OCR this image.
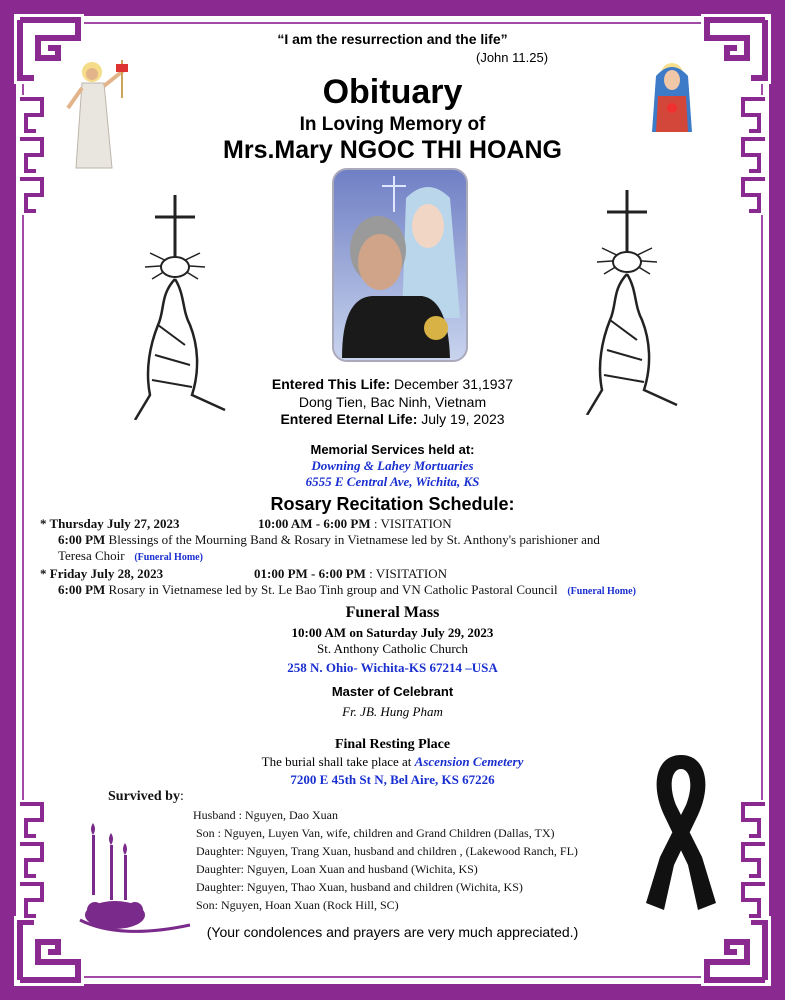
“I am the resurrection and the life”
(John 11.25)
Obituary
In Loving Memory of
Mrs.Mary NGOC THI HOANG
Entered This Life: December 31,1937
Dong Tien, Bac Ninh, Vietnam
Entered Eternal Life: July 19, 2023
Memorial Services held at:
Downing & Lahey Mortuaries
6555 E Central Ave, Wichita, KS
Rosary Recitation Schedule:
* Thursday July 27, 2023	10:00 AM - 6:00 PM : VISITATION
6:00 PM Blessings of the Mourning Band & Rosary in Vietnamese led by St. Anthony's parishioner and
Teresa Choir (Funeral Home)
* Friday July 28, 2023	01:00 PM - 6:00 PM : VISITATION
6:00 PM Rosary in Vietnamese led by St. Le Bao Tinh group and VN Catholic Pastoral Council (Funeral Home)
Funeral Mass
10:00 AM on Saturday July 29, 2023
St. Anthony Catholic Church
258 N. Ohio- Wichita-KS 67214 –USA
Master of Celebrant
Fr. JB. Hung Pham
Final Resting Place
The burial shall take place at Ascension Cemetery
7200 E 45th St N, Bel Aire, KS 67226
Survived by:
Husband : Nguyen, Dao Xuan
Son : Nguyen, Luyen Van, wife, children and Grand Children (Dallas, TX)
Daughter: Nguyen, Trang Xuan, husband and children , (Lakewood Ranch, FL)
Daughter: Nguyen, Loan Xuan and husband (Wichita, KS)
Daughter: Nguyen, Thao Xuan, husband and children (Wichita, KS)
Son: Nguyen, Hoan Xuan (Rock Hill, SC)
(Your condolences and prayers are very much appreciated.)
